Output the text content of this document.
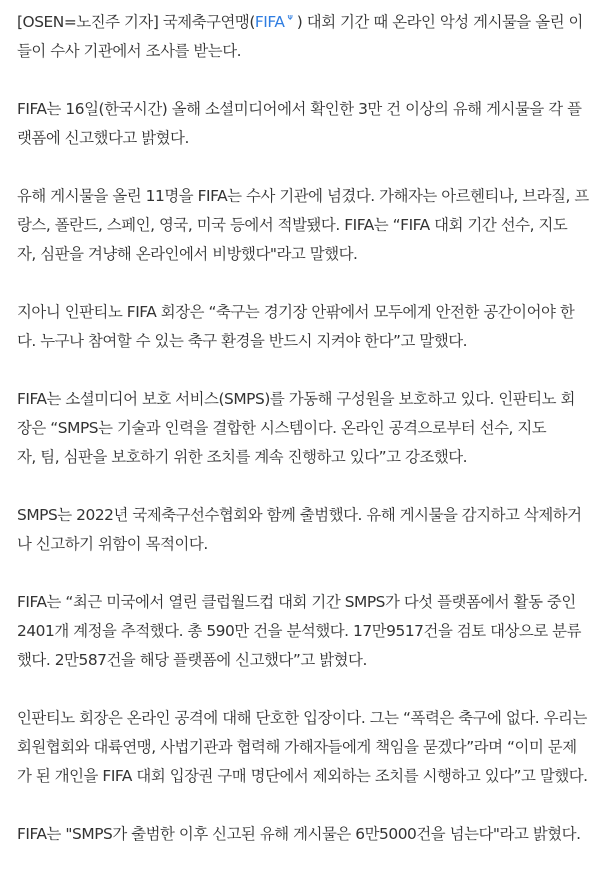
[OSEN=노진주 기자] 국제축구연맹(FIFA $^ᴪ$ ) 대회 기간 때 온라인 악성 게시물을 올린 이
들이 수사 기관에서 조사를 받는다.

FIFA는 16일(한국시간) 올해 소셜미디어에서 확인한 3만 건 이상의 유해 게시물을 각 플
랫폼에 신고했다고 밝혔다.

유해 게시물을 올린 11명을 FIFA는 수사 기관에 넘겼다. 가해자는 아르헨티나, 브라질, 프
랑스, 폴란드, 스페인, 영국, 미국 등에서 적발됐다. FIFA는 “FIFA 대회 기간 선수, 지도
자, 심판을 겨냥해 온라인에서 비방했다"라고 말했다.

지아니 인판티노 FIFA 회장은 “축구는 경기장 안팎에서 모두에게 안전한 공간이어야 한
다. 누구나 참여할 수 있는 축구 환경을 반드시 지켜야 한다”고 말했다.

FIFA는 소셜미디어 보호 서비스(SMPS)를 가동해 구성원을 보호하고 있다. 인판티노 회
장은 “SMPS는 기술과 인력을 결합한 시스템이다. 온라인 공격으로부터 선수, 지도
자, 팀, 심판을 보호하기 위한 조치를 계속 진행하고 있다”고 강조했다.

SMPS는 2022년 국제축구선수협회와 함께 출범했다. 유해 게시물을 감지하고 삭제하거
나 신고하기 위함이 목적이다.

FIFA는 “최근 미국에서 열린 클럽월드컵 대회 기간 SMPS가 다섯 플랫폼에서 활동 중인
2401개 계정을 추적했다. 총 590만 건을 분석했다. 17만9517건을 검토 대상으로 분류
했다. 2만587건을 해당 플랫폼에 신고했다”고 밝혔다.

인판티노 회장은 온라인 공격에 대해 단호한 입장이다. 그는 “폭력은 축구에 없다. 우리는
회원협회와 대륙연맹, 사법기관과 협력해 가해자들에게 책임을 묻겠다”라며 “이미 문제
가 된 개인을 FIFA 대회 입장권 구매 명단에서 제외하는 조치를 시행하고 있다”고 말했다.

FIFA는 "SMPS가 출범한 이후 신고된 유해 게시물은 6만5000건을 넘는다"라고 밝혔다.
